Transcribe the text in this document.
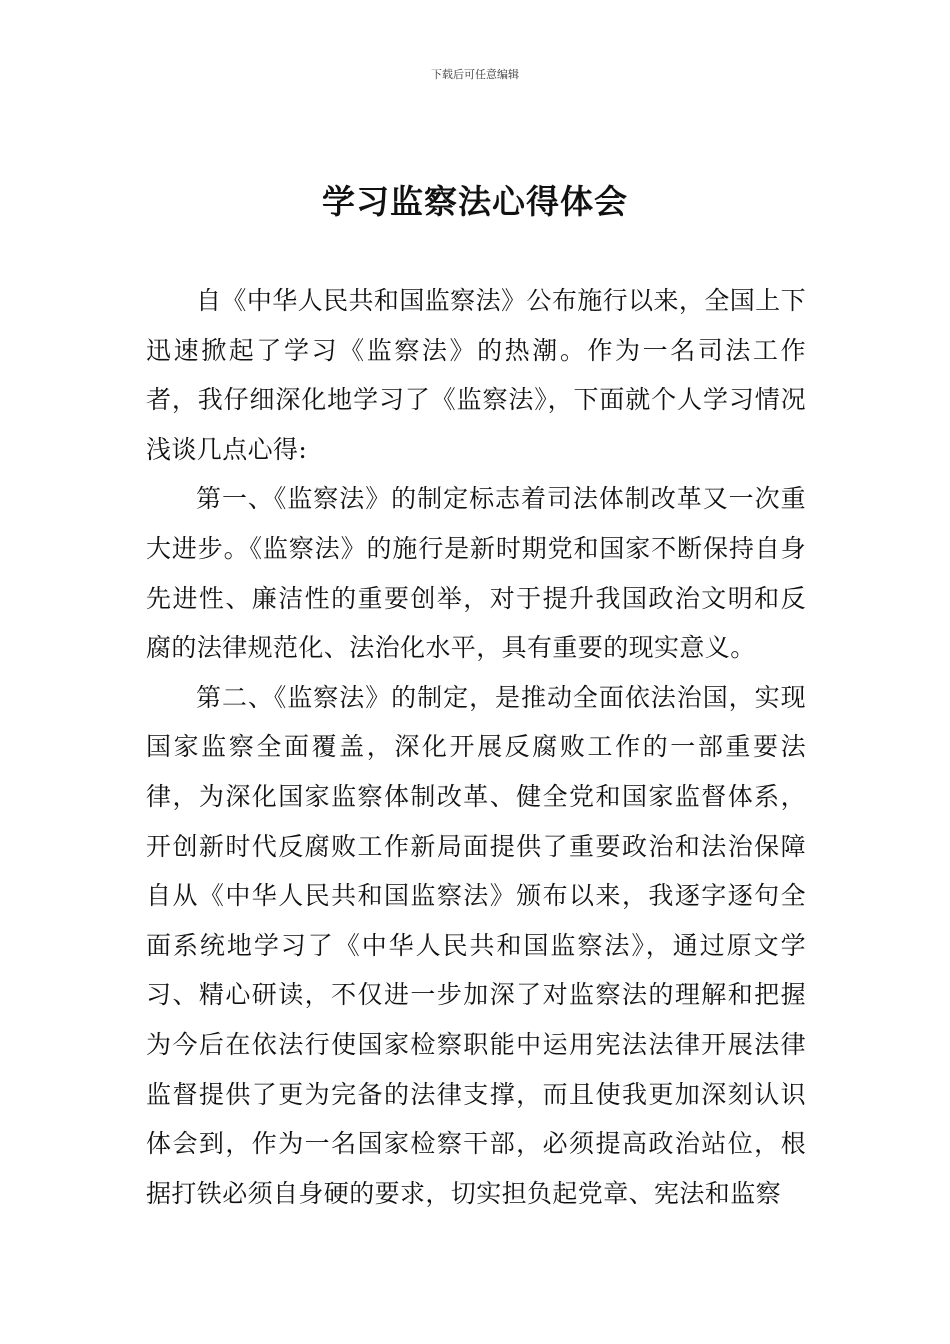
下载后可任意编辑
学习监察法心得体会

自《中华人民共和国监察法》公布施行以来，全国上下迅速掀起了学习《监察法》的热潮。作为一名司法工作者，我仔细深化地学习了《监察法》，下面就个人学习情况浅谈几点心得:

第一、《监察法》的制定标志着司法体制改革又一次重大进步。《监察法》的施行是新时期党和国家不断保持自身先进性、廉洁性的重要创举，对于提升我国政治文明和反腐的法律规范化、法治化水平，具有重要的现实意义。

第二、《监察法》的制定，是推动全面依法治国，实现国家监察全面覆盖，深化开展反腐败工作的一部重要法律，为深化国家监察体制改革、健全党和国家监督体系，开创新时代反腐败工作新局面提供了重要政治和法治保障自从《中华人民共和国监察法》颁布以来，我逐字逐句全面系统地学习了《中华人民共和国监察法》，通过原文学习、精心研读，不仅进一步加深了对监察法的理解和把握为今后在依法行使国家检察职能中运用宪法法律开展法律监督提供了更为完备的法律支撑，而且使我更加深刻认识体会到，作为一名国家检察干部，必须提高政治站位，根据打铁必须自身硬的要求，切实担负起党章、宪法和监察
